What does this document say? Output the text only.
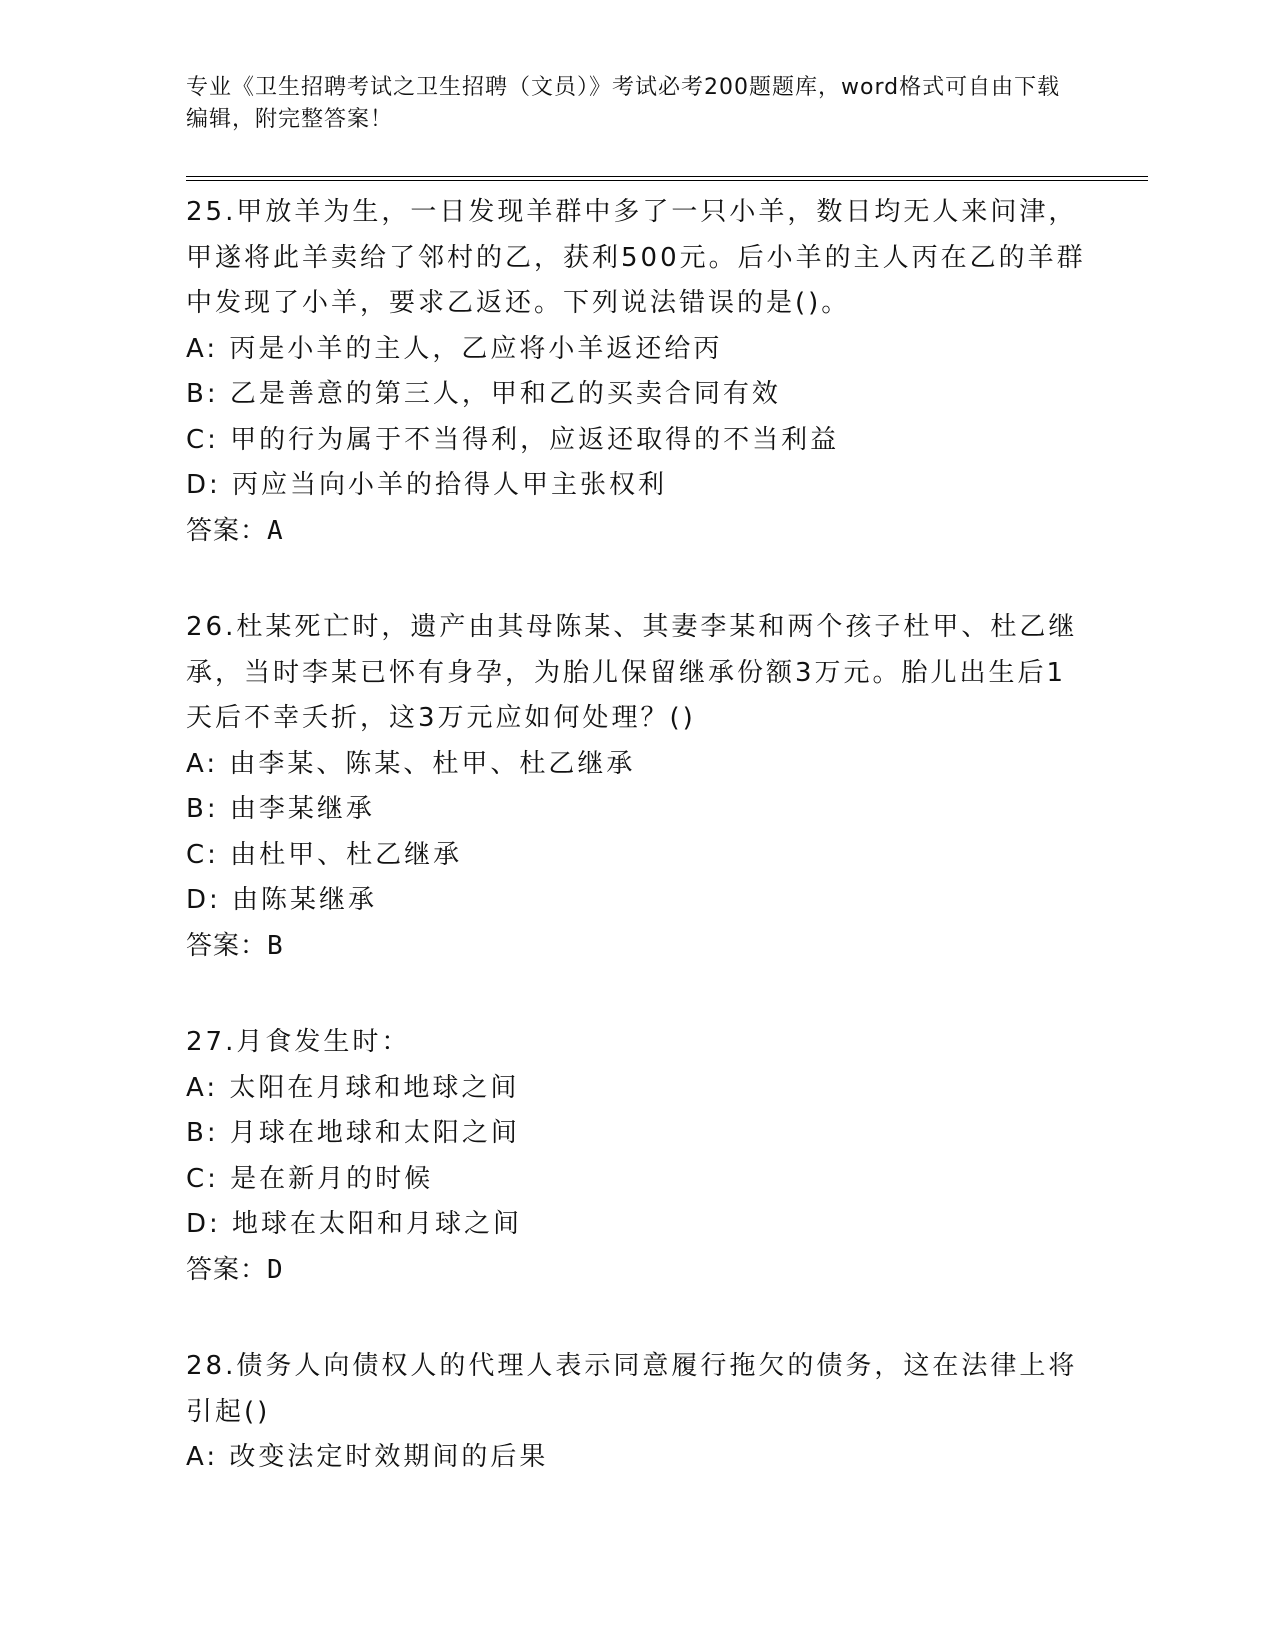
专业《卫生招聘考试之卫生招聘（文员）》考试必考200题题库，word格式可自由下载编辑，附完整答案！
25.甲放羊为生，一日发现羊群中多了一只小羊，数日均无人来问津，甲遂将此羊卖给了邻村的乙，获利500元。后小羊的主人丙在乙的羊群中发现了小羊，要求乙返还。下列说法错误的是()。
A: 丙是小羊的主人，乙应将小羊返还给丙
B: 乙是善意的第三人，甲和乙的买卖合同有效
C: 甲的行为属于不当得利，应返还取得的不当利益
D: 丙应当向小羊的拾得人甲主张权利
答案：A
26.杜某死亡时，遗产由其母陈某、其妻李某和两个孩子杜甲、杜乙继承，当时李某已怀有身孕，为胎儿保留继承份额3万元。胎儿出生后1天后不幸夭折，这3万元应如何处理？()
A: 由李某、陈某、杜甲、杜乙继承
B: 由李某继承
C: 由杜甲、杜乙继承
D: 由陈某继承
答案：B
27.月食发生时：
A: 太阳在月球和地球之间
B: 月球在地球和太阳之间
C: 是在新月的时候
D: 地球在太阳和月球之间
答案：D
28.债务人向债权人的代理人表示同意履行拖欠的债务，这在法律上将引起()
A: 改变法定时效期间的后果
